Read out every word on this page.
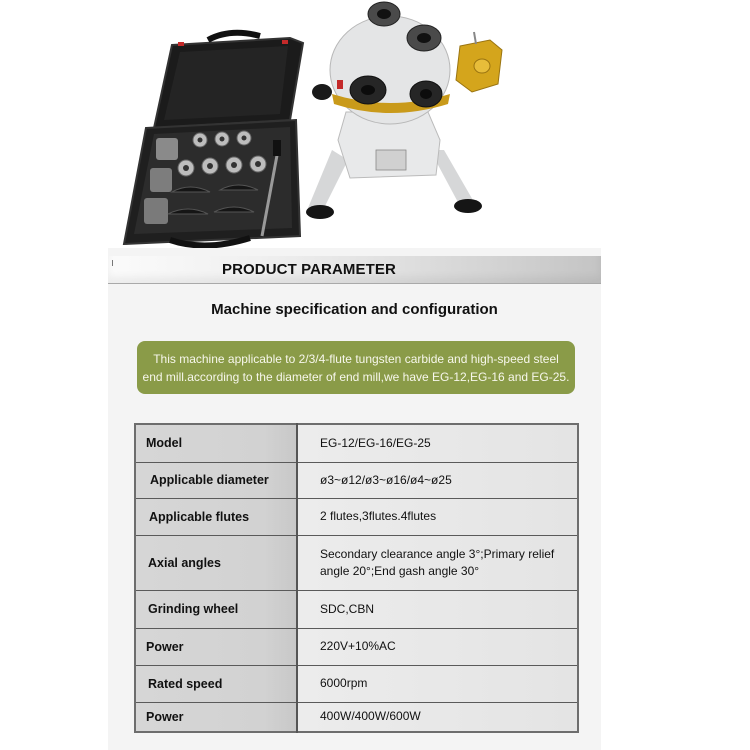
PRODUCT PARAMETER
Machine specification and configuration
This machine applicable to 2/3/4-flute tungsten carbide and high-speed steel
end mill.according to the diameter of end mill,we have EG-12,EG-16 and EG-25.
Model	EG-12/EG-16/EG-25
Applicable diameter	ø3~ø12/ø3~ø16/ø4~ø25
Applicable flutes	2 flutes,3flutes.4flutes
Axial angles	Secondary clearance angle 3°;Primary relief angle 20°;End gash angle 30°
Grinding wheel	SDC,CBN
Power	220V+10%AC
Rated speed	6000rpm
Power	400W/400W/600W
